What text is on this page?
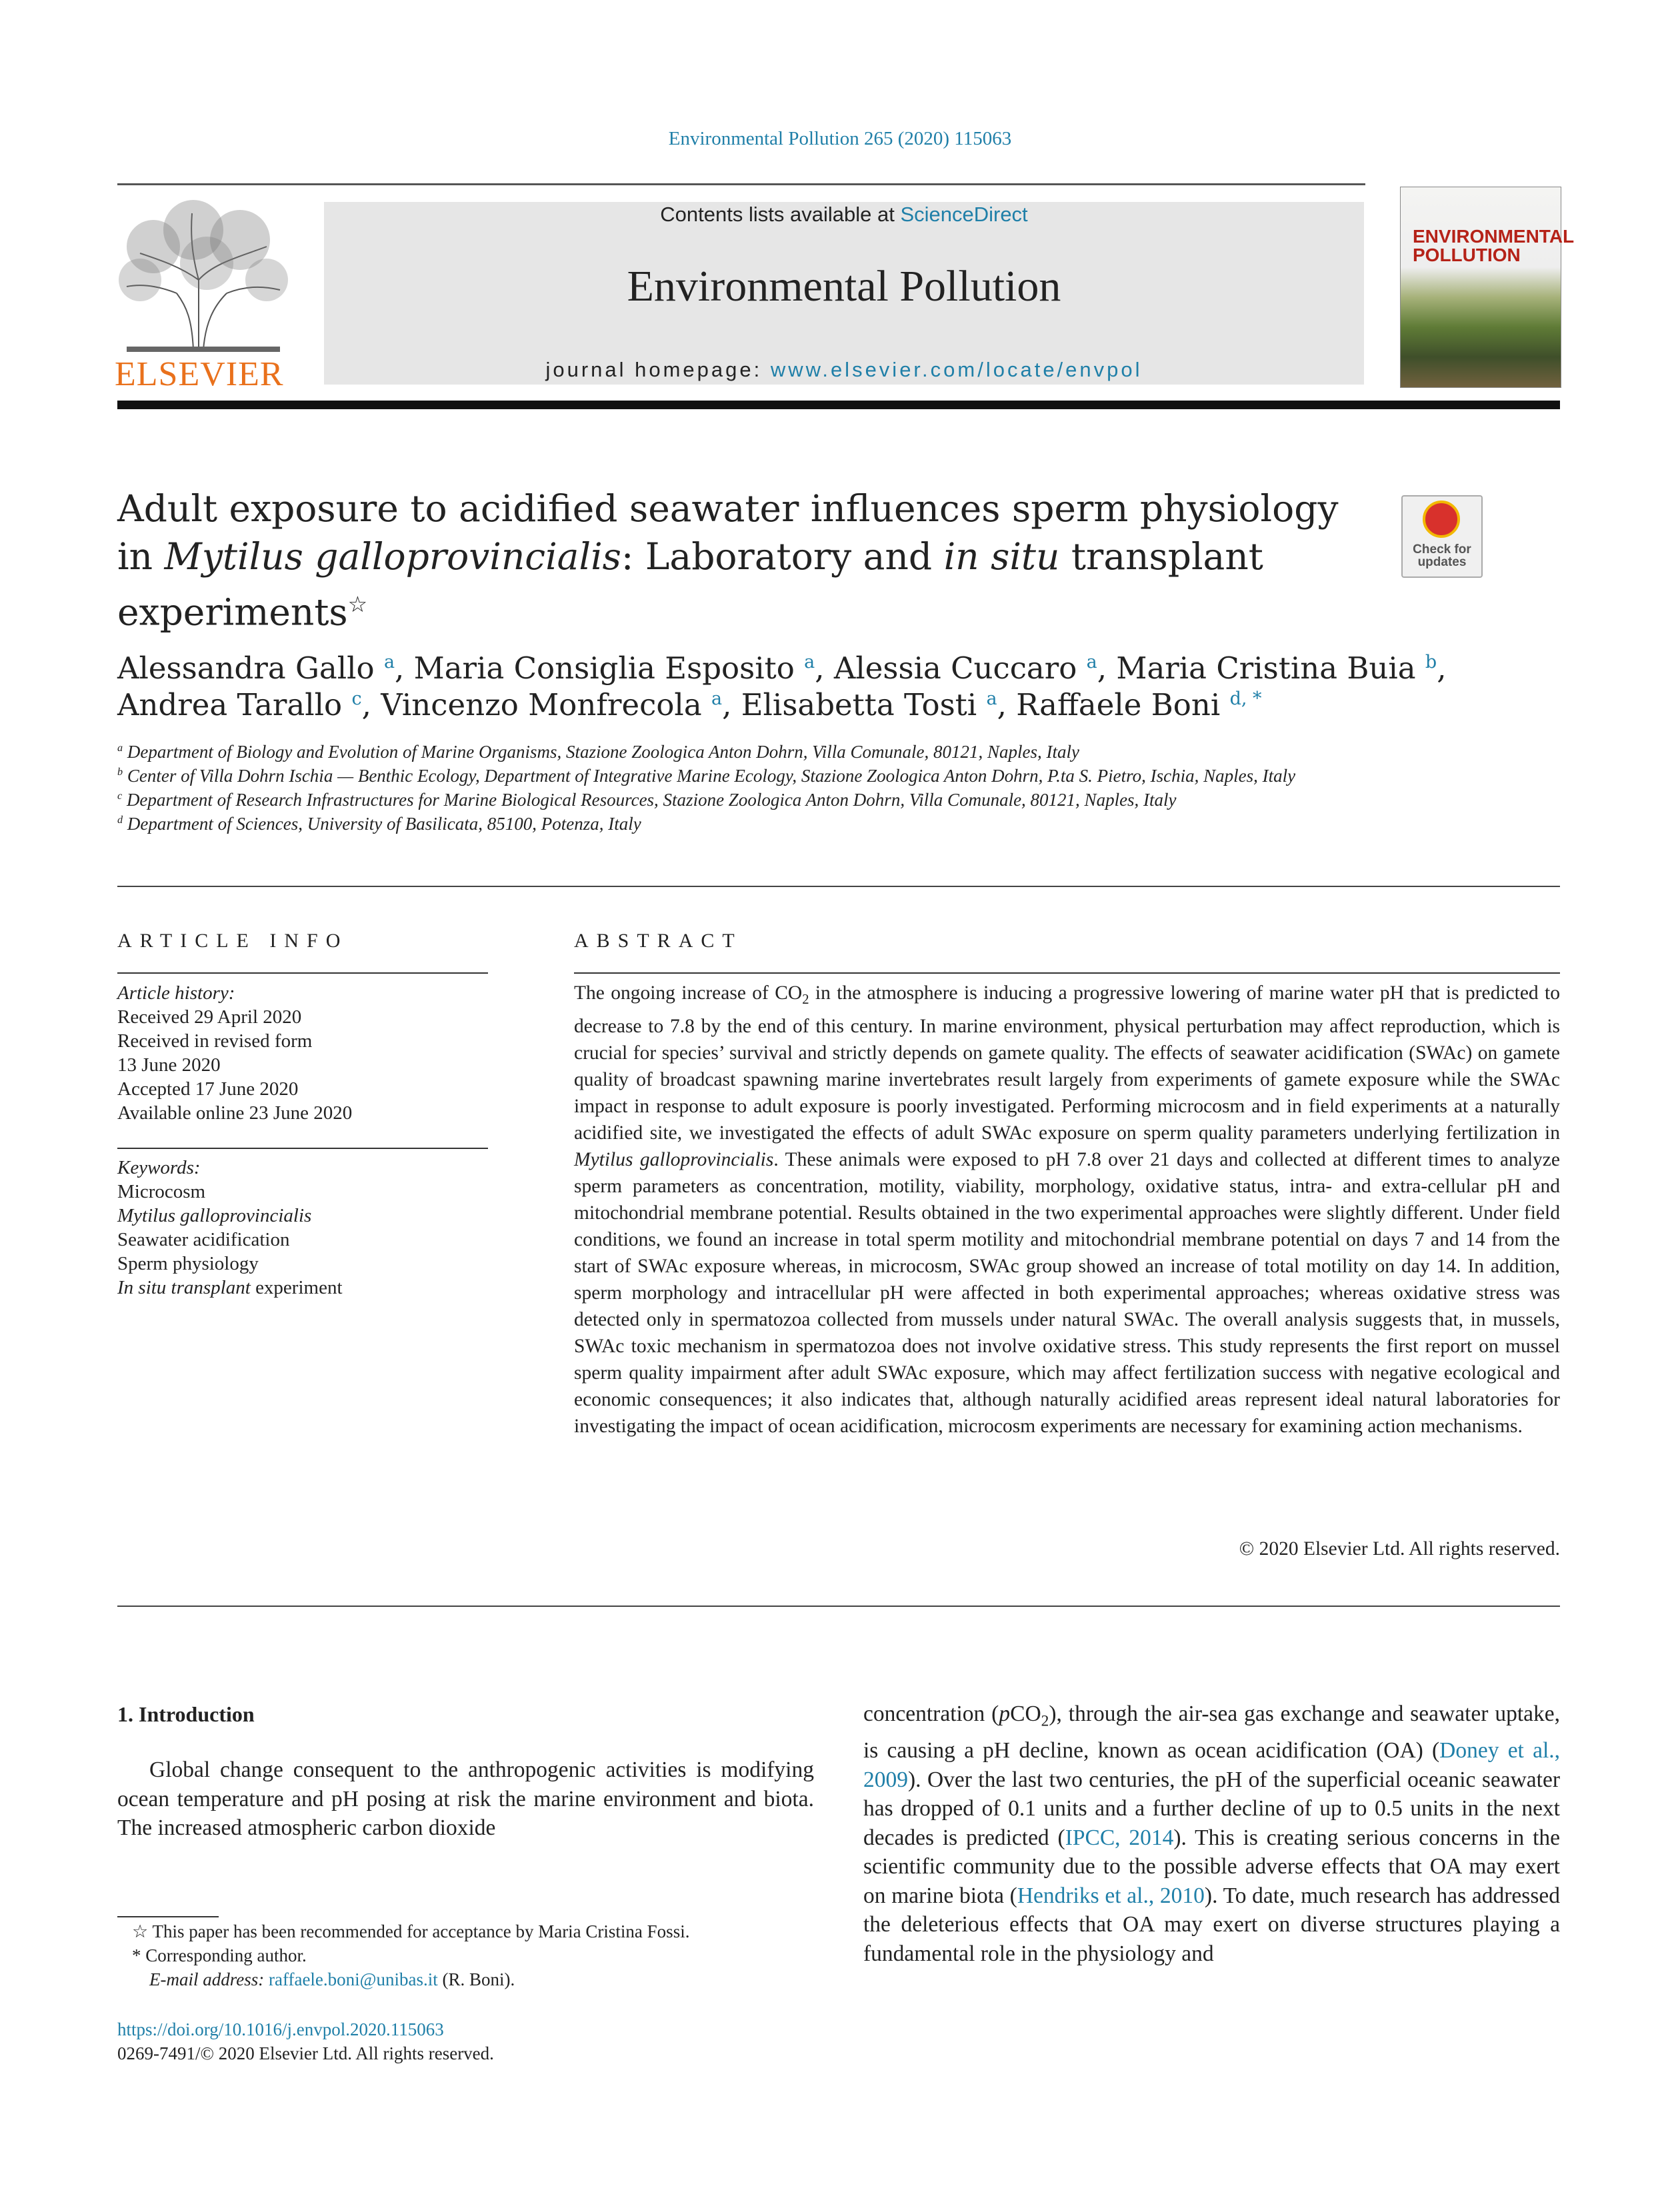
Environmental Pollution 265 (2020) 115063
ELSEVIER
Contents lists available at ScienceDirect
Environmental Pollution
journal homepage: www.elsevier.com/locate/envpol
ENVIRONMENTAL POLLUTION
Adult exposure to acidified seawater influences sperm physiology in Mytilus galloprovincialis: Laboratory and in situ transplant experiments☆
Check for updates
Alessandra Gallo $^a$, Maria Consiglia Esposito $^a$, Alessia Cuccaro $^a$, Maria Cristina Buia $^b$,
Andrea Tarallo $^c$, Vincenzo Monfrecola $^a$, Elisabetta Tosti $^a$, Raffaele Boni $^{d, *}$
$^a$ Department of Biology and Evolution of Marine Organisms, Stazione Zoologica Anton Dohrn, Villa Comunale, 80121, Naples, Italy
$^b$ Center of Villa Dohrn Ischia — Benthic Ecology, Department of Integrative Marine Ecology, Stazione Zoologica Anton Dohrn, P.ta S. Pietro, Ischia, Naples, Italy
$^c$ Department of Research Infrastructures for Marine Biological Resources, Stazione Zoologica Anton Dohrn, Villa Comunale, 80121, Naples, Italy
$^d$ Department of Sciences, University of Basilicata, 85100, Potenza, Italy
ARTICLE INFO	ABSTRACT
Article history:
Received 29 April 2020
Received in revised form
13 June 2020
Accepted 17 June 2020
Available online 23 June 2020
Keywords:
Microcosm
Mytilus galloprovincialis
Seawater acidification
Sperm physiology
In situ transplant experiment
The ongoing increase of $CO_2$ in the atmosphere is inducing a progressive lowering of marine water pH that is predicted to decrease to 7.8 by the end of this century. In marine environment, physical perturbation may affect reproduction, which is crucial for species’ survival and strictly depends on gamete quality. The effects of seawater acidification (SWAc) on gamete quality of broadcast spawning marine invertebrates result largely from experiments of gamete exposure while the SWAc impact in response to adult exposure is poorly investigated. Performing microcosm and in field experiments at a naturally acidified site, we investigated the effects of adult SWAc exposure on sperm quality parameters underlying fertilization in Mytilus galloprovincialis. These animals were exposed to pH 7.8 over 21 days and collected at different times to analyze sperm parameters as concentration, motility, viability, morphology, oxidative status, intra- and extra-cellular pH and mitochondrial membrane potential. Results obtained in the two experimental approaches were slightly different. Under field conditions, we found an increase in total sperm motility and mitochondrial membrane potential on days 7 and 14 from the start of SWAc exposure whereas, in microcosm, SWAc group showed an increase of total motility on day 14. In addition, sperm morphology and intracellular pH were affected in both experimental approaches; whereas oxidative stress was detected only in spermatozoa collected from mussels under natural SWAc. The overall analysis suggests that, in mussels, SWAc toxic mechanism in spermatozoa does not involve oxidative stress. This study represents the first report on mussel sperm quality impairment after adult SWAc exposure, which may affect fertilization success with negative ecological and economic consequences; it also indicates that, although naturally acidified areas represent ideal natural laboratories for investigating the impact of ocean acidification, microcosm experiments are necessary for examining action mechanisms.
© 2020 Elsevier Ltd. All rights reserved.
1. Introduction
Global change consequent to the anthropogenic activities is modifying ocean temperature and pH posing at risk the marine environment and biota. The increased atmospheric carbon dioxide
concentration (pCO$_2$), through the air-sea gas exchange and seawater uptake, is causing a pH decline, known as ocean acidification (OA) (Doney et al., 2009). Over the last two centuries, the pH of the superficial oceanic seawater has dropped of 0.1 units and a further decline of up to 0.5 units in the next decades is predicted (IPCC, 2014). This is creating serious concerns in the scientific community due to the possible adverse effects that OA may exert on marine biota (Hendriks et al., 2010). To date, much research has addressed the deleterious effects that OA may exert on diverse structures playing a fundamental role in the physiology and
☆ This paper has been recommended for acceptance by Maria Cristina Fossi.
* Corresponding author.
E-mail address: raffaele.boni@unibas.it (R. Boni).
https://doi.org/10.1016/j.envpol.2020.115063
0269-7491/© 2020 Elsevier Ltd. All rights reserved.
